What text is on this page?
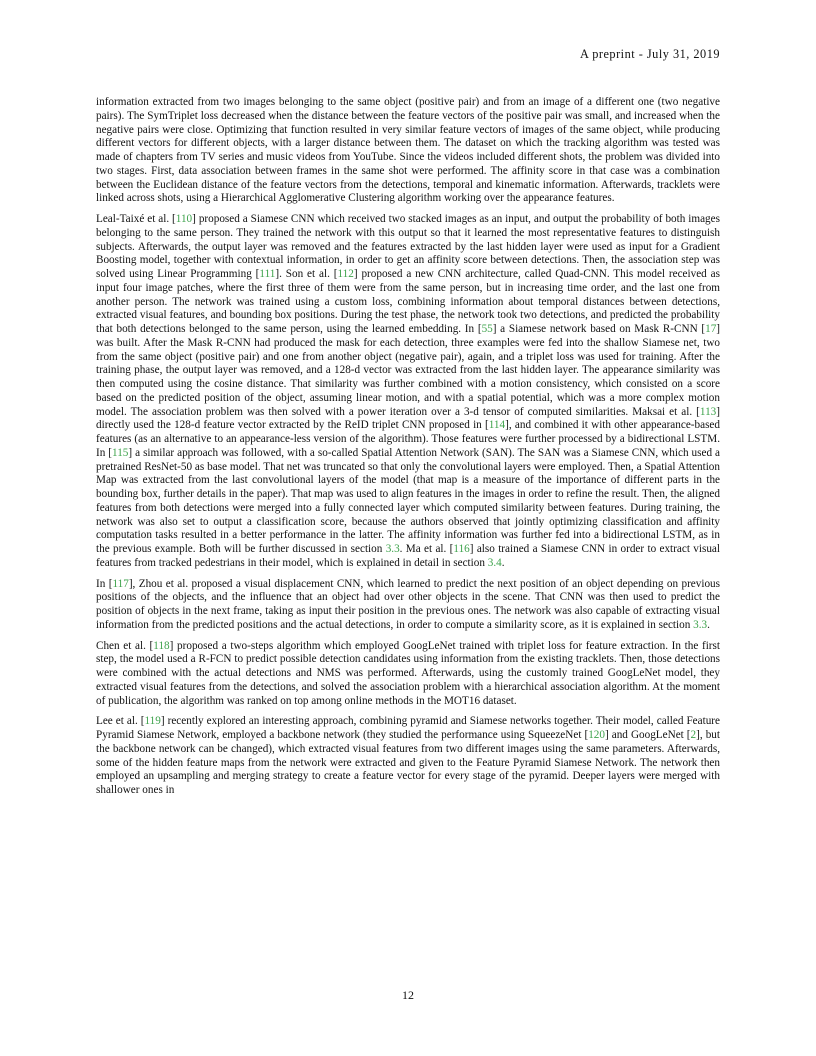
A preprint - July 31, 2019

information extracted from two images belonging to the same object (positive pair) and from an image of a different one (two negative pairs). The SymTriplet loss decreased when the distance between the feature vectors of the positive pair was small, and increased when the negative pairs were close. Optimizing that function resulted in very similar feature vectors of images of the same object, while producing different vectors for different objects, with a larger distance between them. The dataset on which the tracking algorithm was tested was made of chapters from TV series and music videos from YouTube. Since the videos included different shots, the problem was divided into two stages. First, data association between frames in the same shot were performed. The affinity score in that case was a combination between the Euclidean distance of the feature vectors from the detections, temporal and kinematic information. Afterwards, tracklets were linked across shots, using a Hierarchical Agglomerative Clustering algorithm working over the appearance features.

Leal-Taixé et al. [110] proposed a Siamese CNN which received two stacked images as an input, and output the probability of both images belonging to the same person. They trained the network with this output so that it learned the most representative features to distinguish subjects. Afterwards, the output layer was removed and the features extracted by the last hidden layer were used as input for a Gradient Boosting model, together with contextual information, in order to get an affinity score between detections. Then, the association step was solved using Linear Programming [111]. Son et al. [112] proposed a new CNN architecture, called Quad-CNN. This model received as input four image patches, where the first three of them were from the same person, but in increasing time order, and the last one from another person. The network was trained using a custom loss, combining information about temporal distances between detections, extracted visual features, and bounding box positions. During the test phase, the network took two detections, and predicted the probability that both detections belonged to the same person, using the learned embedding. In [55] a Siamese network based on Mask R-CNN [17] was built. After the Mask R-CNN had produced the mask for each detection, three examples were fed into the shallow Siamese net, two from the same object (positive pair) and one from another object (negative pair), again, and a triplet loss was used for training. After the training phase, the output layer was removed, and a 128-d vector was extracted from the last hidden layer. The appearance similarity was then computed using the cosine distance. That similarity was further combined with a motion consistency, which consisted on a score based on the predicted position of the object, assuming linear motion, and with a spatial potential, which was a more complex motion model. The association problem was then solved with a power iteration over a 3-d tensor of computed similarities. Maksai et al. [113] directly used the 128-d feature vector extracted by the ReID triplet CNN proposed in [114], and combined it with other appearance-based features (as an alternative to an appearance-less version of the algorithm). Those features were further processed by a bidirectional LSTM. In [115] a similar approach was followed, with a so-called Spatial Attention Network (SAN). The SAN was a Siamese CNN, which used a pretrained ResNet-50 as base model. That net was truncated so that only the convolutional layers were employed. Then, a Spatial Attention Map was extracted from the last convolutional layers of the model (that map is a measure of the importance of different parts in the bounding box, further details in the paper). That map was used to align features in the images in order to refine the result. Then, the aligned features from both detections were merged into a fully connected layer which computed similarity between features. During training, the network was also set to output a classification score, because the authors observed that jointly optimizing classification and affinity computation tasks resulted in a better performance in the latter. The affinity information was further fed into a bidirectional LSTM, as in the previous example. Both will be further discussed in section 3.3. Ma et al. [116] also trained a Siamese CNN in order to extract visual features from tracked pedestrians in their model, which is explained in detail in section 3.4.

In [117], Zhou et al. proposed a visual displacement CNN, which learned to predict the next position of an object depending on previous positions of the objects, and the influence that an object had over other objects in the scene. That CNN was then used to predict the position of objects in the next frame, taking as input their position in the previous ones. The network was also capable of extracting visual information from the predicted positions and the actual detections, in order to compute a similarity score, as it is explained in section 3.3.

Chen et al. [118] proposed a two-steps algorithm which employed GoogLeNet trained with triplet loss for feature extraction. In the first step, the model used a R-FCN to predict possible detection candidates using information from the existing tracklets. Then, those detections were combined with the actual detections and NMS was performed. Afterwards, using the customly trained GoogLeNet model, they extracted visual features from the detections, and solved the association problem with a hierarchical association algorithm. At the moment of publication, the algorithm was ranked on top among online methods in the MOT16 dataset.

Lee et al. [119] recently explored an interesting approach, combining pyramid and Siamese networks together. Their model, called Feature Pyramid Siamese Network, employed a backbone network (they studied the performance using SqueezeNet [120] and GoogLeNet [2], but the backbone network can be changed), which extracted visual features from two different images using the same parameters. Afterwards, some of the hidden feature maps from the network were extracted and given to the Feature Pyramid Siamese Network. The network then employed an upsampling and merging strategy to create a feature vector for every stage of the pyramid. Deeper layers were merged with shallower ones in

12
